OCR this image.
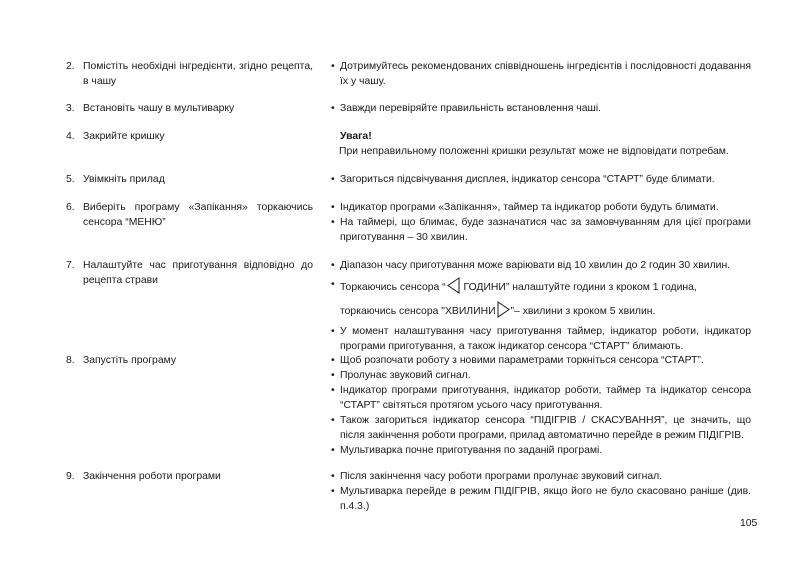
2. Помістіть необхідні інгредієнти, згідно рецепта, в чашу
• Дотримуйтесь рекомендованих співвідношень інгредієнтів і послідовності додавання їх у чашу.
3. Встановіть чашу в мультиварку	• Завжди перевіряйте правильність встановлення чаші.
4. Закрийте кришку	Увага!
При неправильному положенні кришки результат може не відповідати потребам.
5. Увімкніть прилад	• Загориться підсвічування дисплея, індикатор сенсора “СТАРТ” буде блимати.
6. Виберіть програму «Запікання» торкаючись сенсора “МЕНЮ”
• Індикатор програми «Запікання», таймер та індикатор роботи будуть блимати.
• На таймері, що блимає, буде зазначатися час за замовчуванням для цієї програми приготування – 30 хвилин.
7. Налаштуйте час приготування відповідно до рецепта страви
• Діапазон часу приготування може варіювати від 10 хвилин до 2 годин 30 хвилин.
• Торкаючись сенсора “ ГОДИНИ” налаштуйте години з кроком 1 година,
торкаючись сенсора "ХВИЛИНИ ”– хвилини з кроком 5 хвилин.
• У момент налаштування часу приготування таймер, індикатор роботи, індикатор програми приготування, а також індикатор сенсора “СТАРТ” блимають.
8. Запустіть програму	• Щоб розпочати роботу з новими параметрами торкніться сенсора “СТАРТ”.
• Пролунає звуковий сигнал.
• Індикатор програми приготування, індикатор роботи, таймер та індикатор сенсора “СТАРТ” світяться протягом усього часу приготування.
• Також загориться індикатор сенсора “ПІДІГРІВ / СКАСУВАННЯ”, це значить, що після закінчення роботи програми, прилад автоматично перейде в режим ПІДІГРІВ.
• Мультиварка почне приготування по заданій програмі.
9. Закінчення роботи програми	• Після закінчення часу роботи програми пролунає звуковий сигнал.
• Мультиварка перейде в режим ПІДІГРІВ, якщо його не було скасовано раніше (див. п.4.3.)
105
